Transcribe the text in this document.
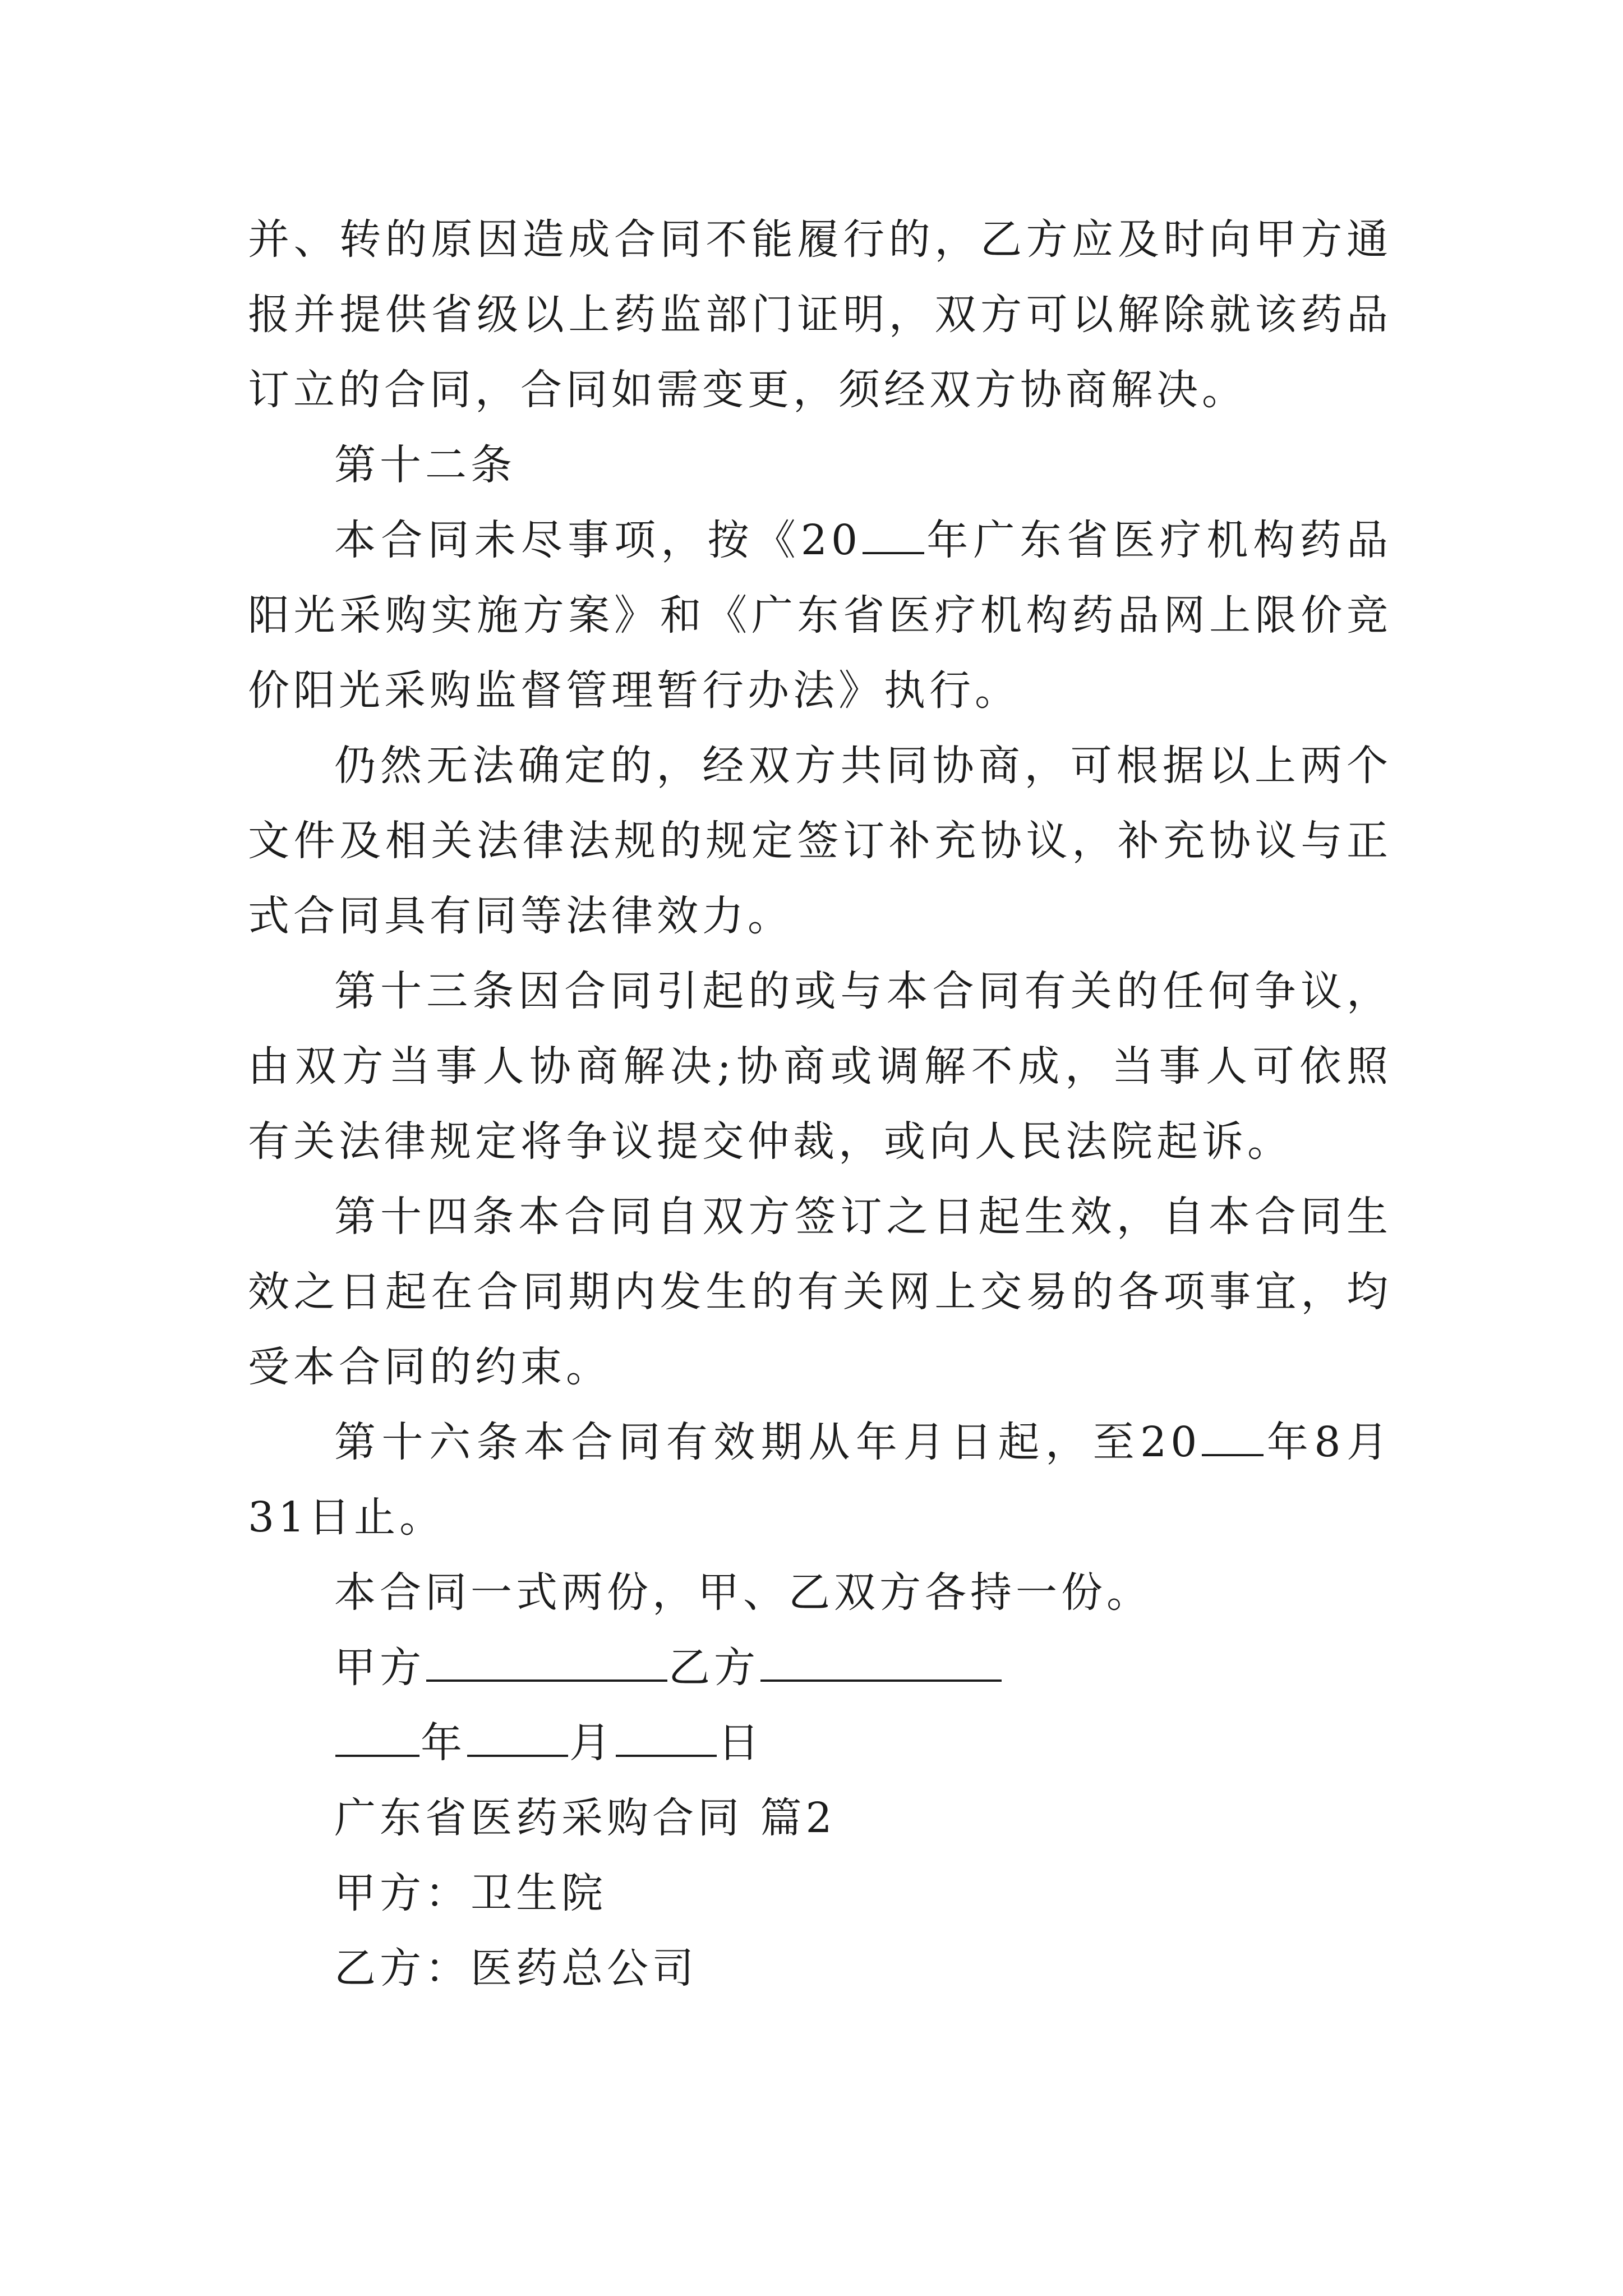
并、转的原因造成合同不能履行的，乙方应及时向甲方通报并提供省级以上药监部门证明，双方可以解除就该药品订立的合同，合同如需变更，须经双方协商解决。

第十二条

本合同未尽事项，按《20 年广东省医疗机构药品阳光采购实施方案》和《广东省医疗机构药品网上限价竞价阳光采购监督管理暂行办法》执行。

仍然无法确定的，经双方共同协商，可根据以上两个文件及相关法律法规的规定签订补充协议，补充协议与正式合同具有同等法律效力。

第十三条因合同引起的或与本合同有关的任何争议，由双方当事人协商解决;协商或调解不成，当事人可依照有关法律规定将争议提交仲裁，或向人民法院起诉。

第十四条本合同自双方签订之日起生效，自本合同生效之日起在合同期内发生的有关网上交易的各项事宜，均受本合同的约束。

第十六条本合同有效期从年月日起，至20 年8月31日止。

本合同一式两份，甲、乙双方各持一份。

甲方	乙方

年 月 日

广东省医药采购合同 篇2

甲方：卫生院

乙方：医药总公司
